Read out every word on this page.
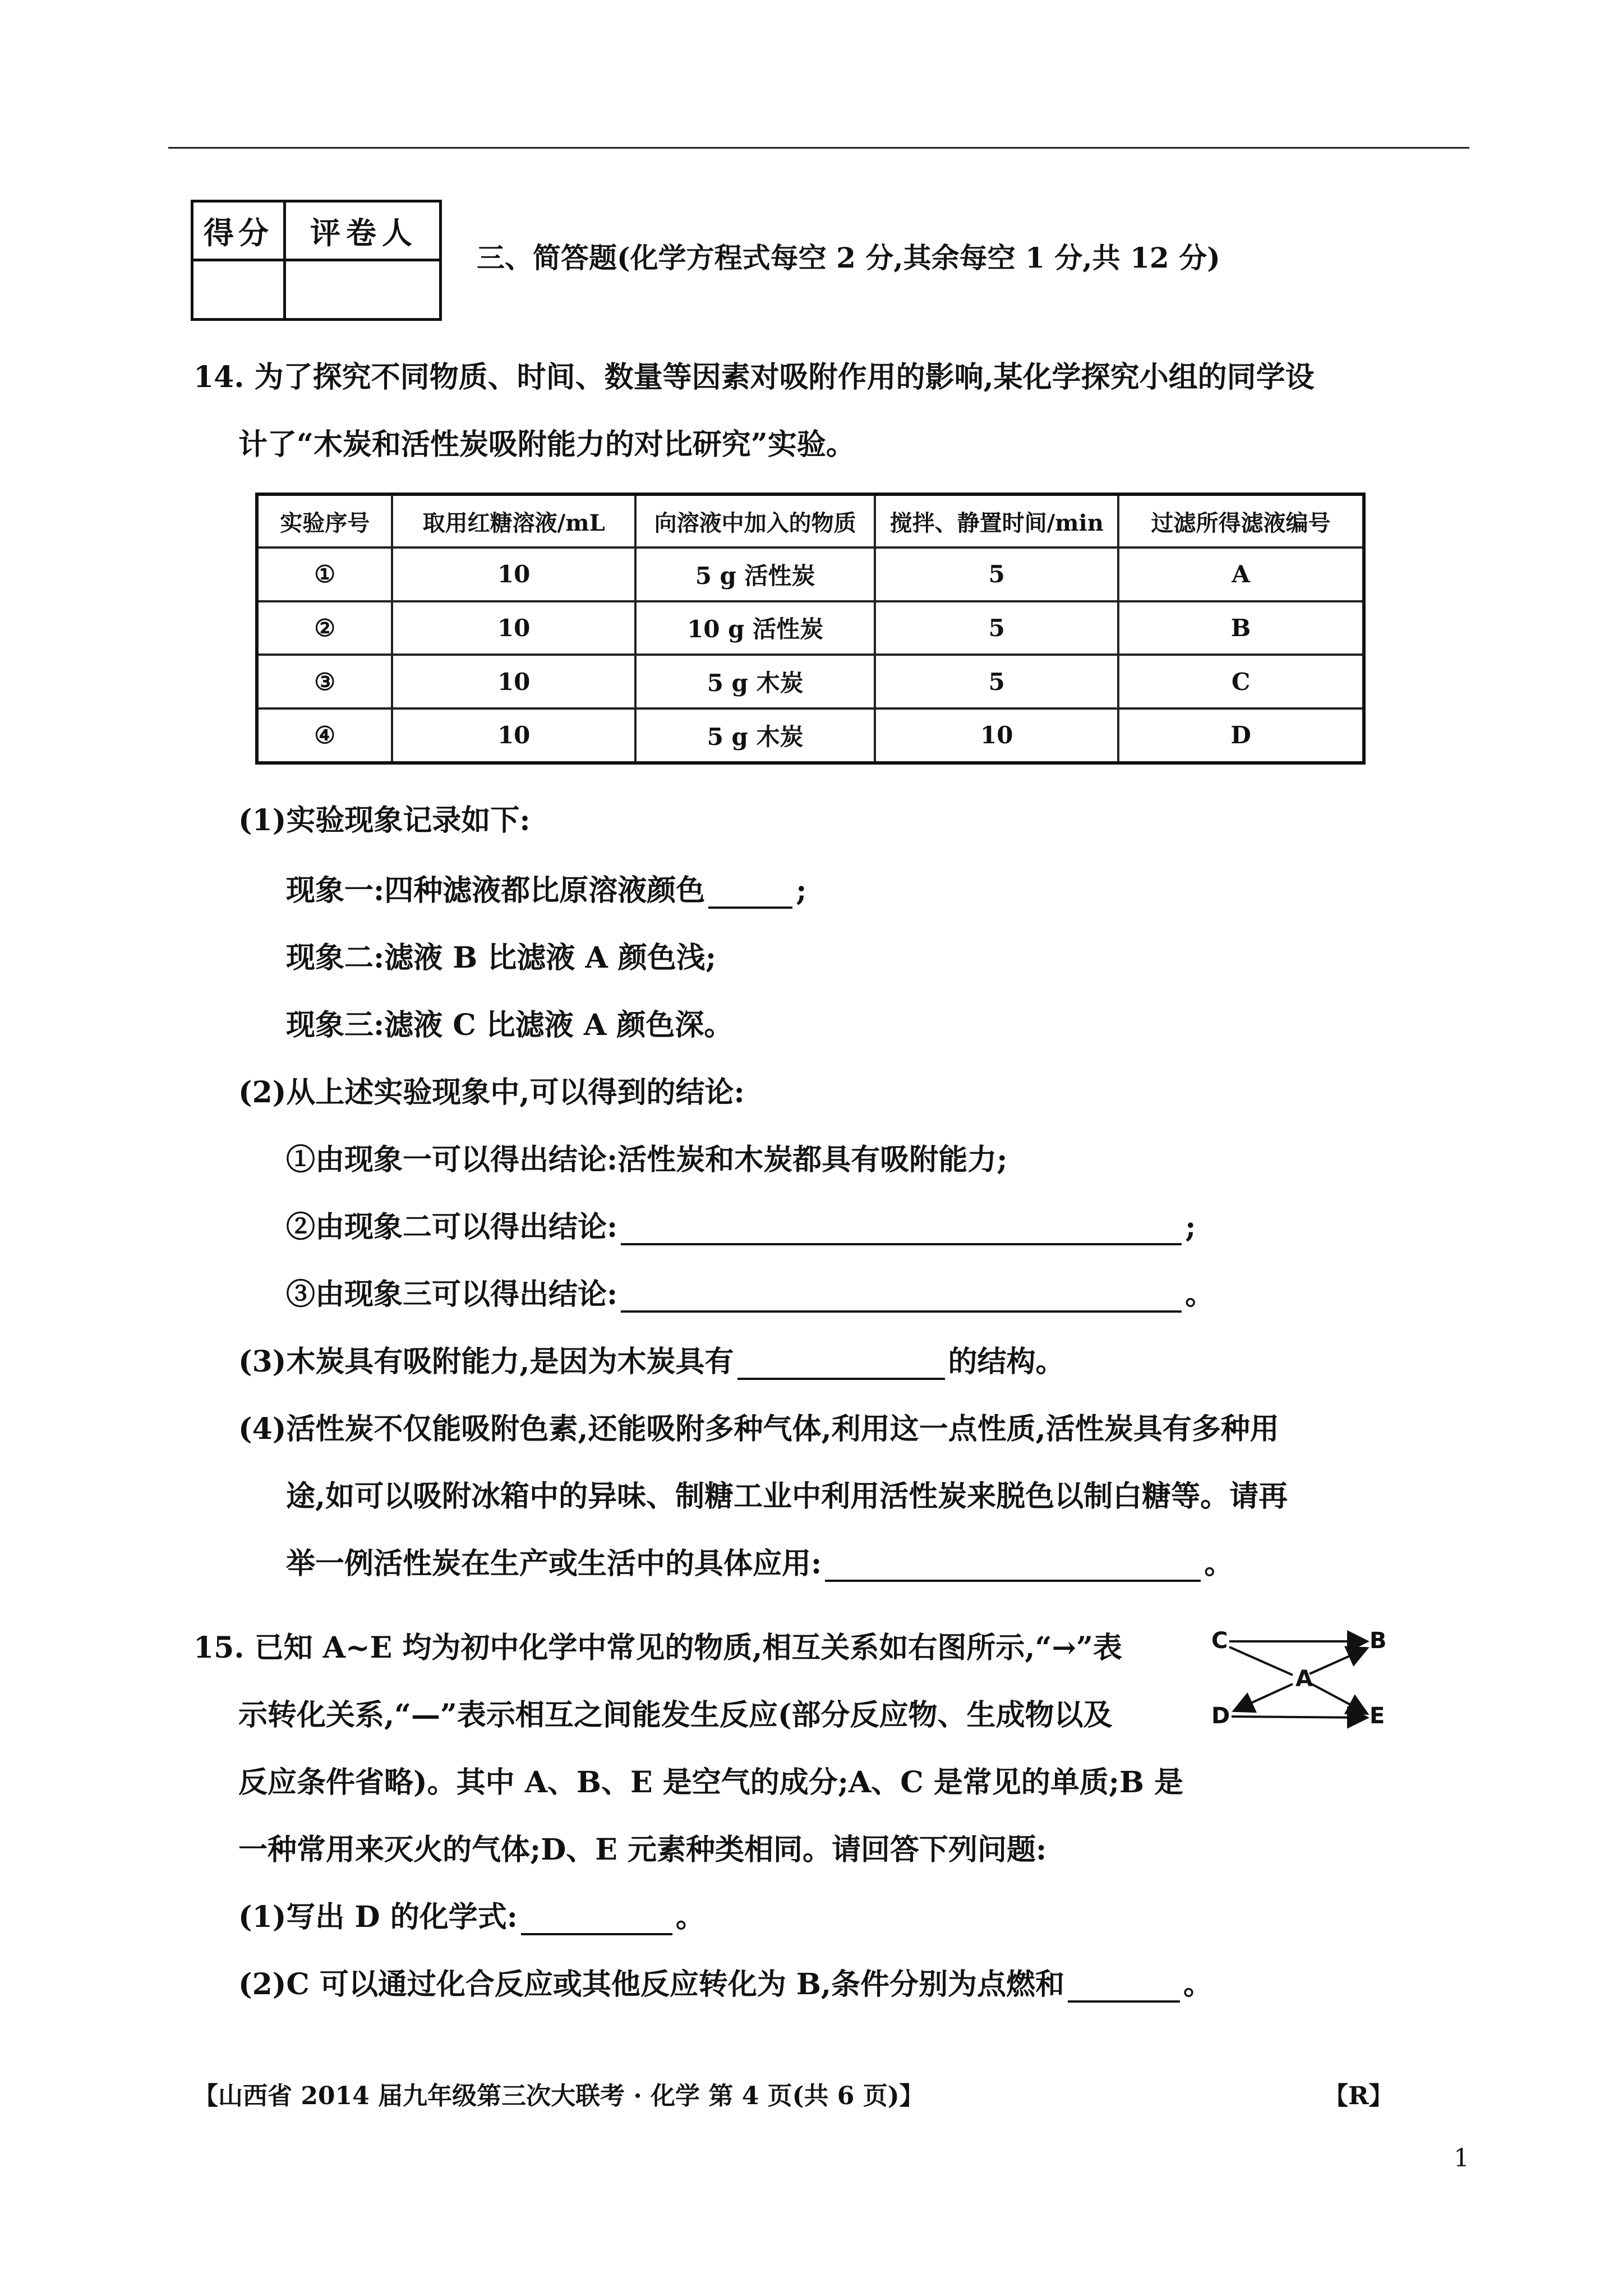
得分	评卷人
三、简答题(化学方程式每空 2 分,其余每空 1 分,共 12 分)
14. 为了探究不同物质、时间、数量等因素对吸附作用的影响,某化学探究小组的同学设
计了“木炭和活性炭吸附能力的对比研究”实验。
实验序号	取用红糖溶液/mL	向溶液中加入的物质	搅拌、静置时间/min	过滤所得滤液编号
①	10	5 g 活性炭	5	A
②	10	10 g 活性炭	5	B
③	10	5 g 木炭	5	C
④	10	5 g 木炭	10	D
(1)实验现象记录如下:
现象一:四种滤液都比原溶液颜色	;
现象二:滤液 B 比滤液 A 颜色浅;
现象三:滤液 C 比滤液 A 颜色深。
(2)从上述实验现象中,可以得到的结论:
①由现象一可以得出结论:活性炭和木炭都具有吸附能力;
②由现象二可以得出结论:	;
③由现象三可以得出结论:	。
(3)木炭具有吸附能力,是因为木炭具有	的结构。
(4)活性炭不仅能吸附色素,还能吸附多种气体,利用这一点性质,活性炭具有多种用
途,如可以吸附冰箱中的异味、制糖工业中利用活性炭来脱色以制白糖等。请再
举一例活性炭在生产或生活中的具体应用:	。
15. 已知 A~E 均为初中化学中常见的物质,相互关系如右图所示,“→”表
示转化关系,“—”表示相互之间能发生反应(部分反应物、生成物以及
反应条件省略)。其中 A、B、E 是空气的成分;A、C 是常见的单质;B 是
一种常用来灭火的气体;D、E 元素种类相同。请回答下列问题:
(1)写出 D 的化学式:	。
(2)C 可以通过化合反应或其他反应转化为 B,条件分别为点燃和	。
C	B
A
D	E
【山西省 2014 届九年级第三次大联考 · 化学 第 4 页(共 6 页)】	【R】
1
